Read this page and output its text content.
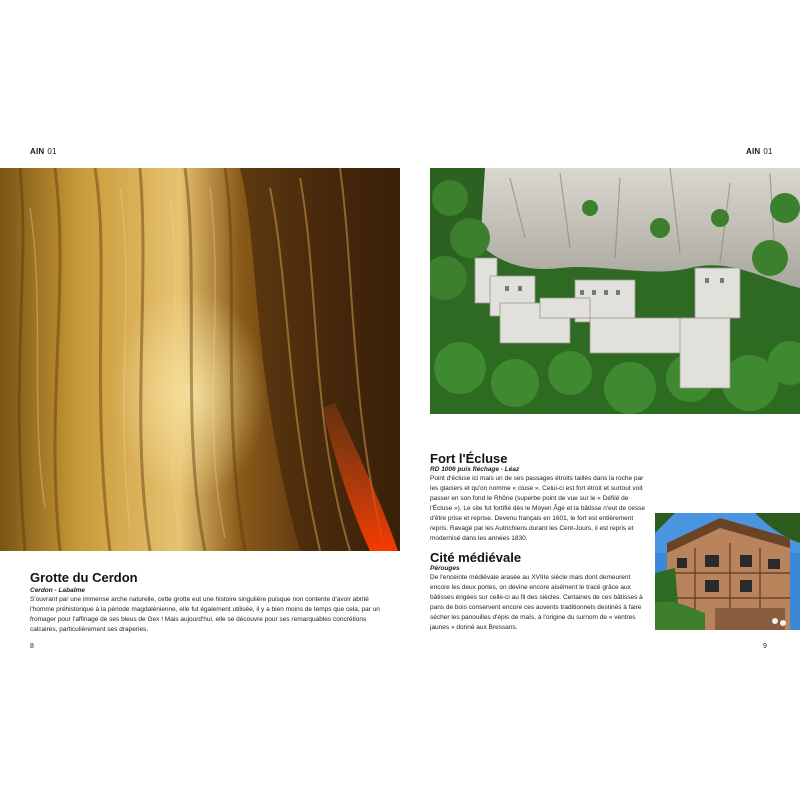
AIN 01
Grotte du Cerdon
Cerdon - Labalme

S'ouvrant par une immense arche naturelle, cette grotte eut une histoire singulière puisque non contente d'avoir abrité l'homme préhistorique à la période magdalénienne, elle fut également utilisée, il y a bien moins de temps que cela, par un fromager pour l'affinage de ses bleus de Gex ! Mais aujourd'hui, elle se découvre pour ses remarquables concrétions calcaires, particulièrement ses draperies.

8
AIN 01
Fort l'Écluse
RD 1006 puis fléchage - Léaz

Point d'écluse ici mais un de ses passages étroits taillés dans la roche par les glaciers et qu'on nomme « cluse ». Celui-ci est fort étroit et surtout voit passer en son fond le Rhône (superbe point de vue sur le « Défilé de l'Écluse »). Le site fut fortifié dès le Moyen Âge et la bâtisse n'eut de cesse d'être prise et reprise. Devenu français en 1601, le fort est entièrement repris. Ravagé par les Autrichiens durant les Cent-Jours, il est repris et modernisé dans les années 1830.

Cité médiévale
Pérouges

De l'enceinte médiévale arasée au XVIIIe siècle mais dont demeurent encore les deux portes, on devine encore aisément le tracé grâce aux bâtisses érigées sur celle-ci au fil des siècles. Certaines de ces bâtisses à pans de bois conservent encore ces auvents traditionnels destinés à faire sécher les panouilles d'épis de maïs, à l'origine du surnom de « ventres jaunes » donné aux Bressans.

9
